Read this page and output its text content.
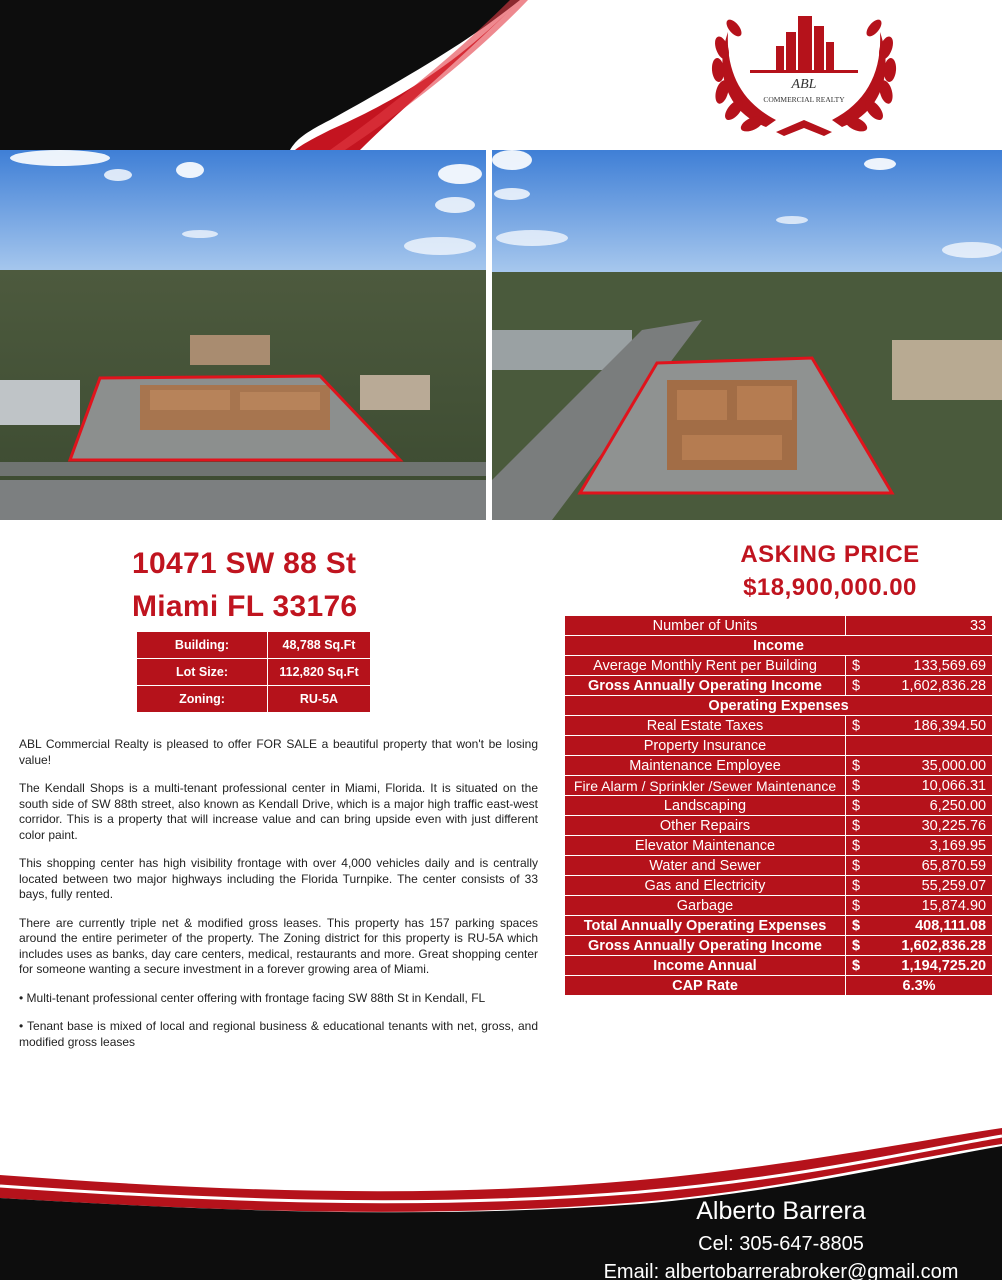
ABL
COMMERCIAL REALTY
10471 SW 88 St
Miami FL 33176
Building:	48,788 Sq.Ft
Lot Size:	112,820 Sq.Ft
Zoning:	RU-5A

ABL Commercial Realty is pleased to offer FOR SALE a beautiful property that won't be losing value!

The Kendall Shops is a multi-tenant professional center in Miami, Florida. It is situated on the south side of SW 88th street, also known as Kendall Drive, which is a major high traffic east-west corridor. This is a property that will increase value and can bring upside even with just different color paint.

This shopping center has high visibility frontage with over 4,000 vehicles daily and is centrally located between two major highways including the Florida Turnpike. The center consists of 33 bays, fully rented.

There are currently triple net & modified gross leases. This property has 157 parking spaces around the entire perimeter of the property. The Zoning district for this property is RU-5A which includes uses as banks, day care centers, medical, restaurants and more. Great shopping center for someone wanting a secure investment in a forever growing area of Miami.

• Multi-tenant professional center offering with frontage facing SW 88th St in Kendall, FL

• Tenant base is mixed of local and regional business & educational tenants with net, gross, and modified gross leases

ASKING PRICE
$18,900,000.00
Number of Units	33	
Income		
Average Monthly Rent per Building	$	133,569.69
Gross Annually Operating Income	$	1,602,836.28
Operating Expenses		
Real Estate Taxes	$	186,394.50
Property Insurance		
Maintenance Employee	$	35,000.00
Fire Alarm / Sprinkler /Sewer Maintenance	$	10,066.31
Landscaping	$	6,250.00
Other Repairs	$	30,225.76
Elevator Maintenance	$	3,169.95
Water and Sewer	$	65,870.59
Gas and Electricity	$	55,259.07
Garbage	$	15,874.90
Total Annually Operating Expenses	$	408,111.08
Gross Annually Operating Income	$	1,602,836.28
Income Annual	$	1,194,725.20
CAP Rate	6.3%	
Alberto Barrera
Cel: 305-647-8805
Email: albertobarrerabroker@gmail.com
